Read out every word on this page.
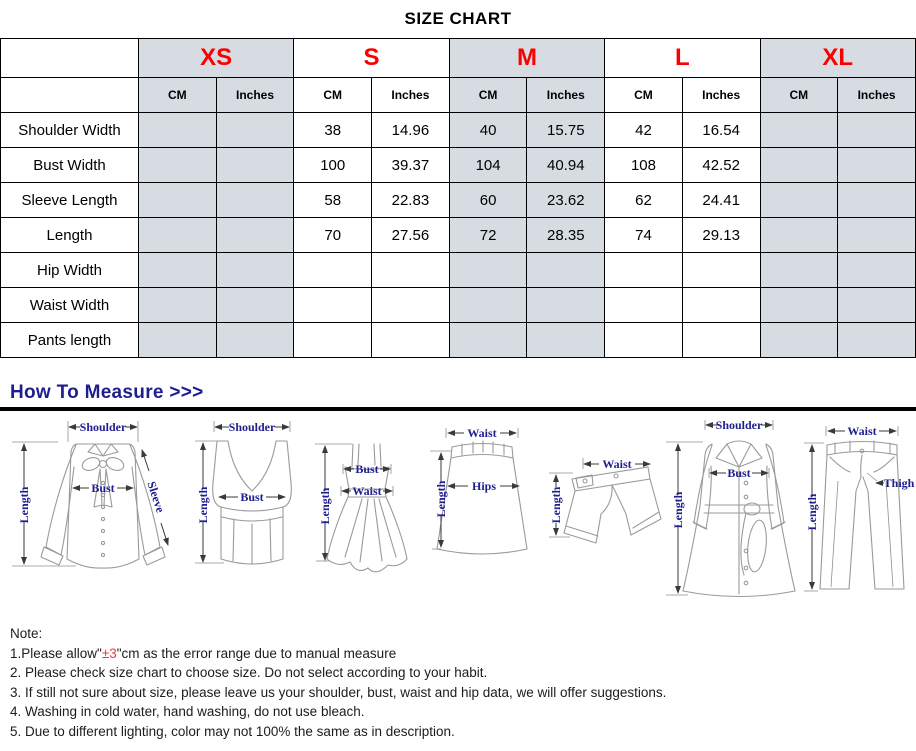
SIZE CHART
	XS		S		M		L		XL	
	CM	Inches	CM	Inches	CM	Inches	CM	Inches	CM	Inches
Shoulder Width			38	14.96	40	15.75	42	16.54		
Bust Width			100	39.37	104	40.94	108	42.52		
Sleeve Length			58	22.83	60	23.62	62	24.41		
Length			70	27.56	72	28.35	74	29.13		
Hip Width										
Waist Width										
Pants length										
How To Measure >>>
Shoulder
Length	Bust Sleeve
Shoulder
Length	Bust	Length
Bust
Waist
Waist
Length Hips
Waist
Length
Shoulder
Length
Bust
Waist
Length
Thigh
Note:
1.Please allow"±3"cm as the error range due to manual measure
2. Please check size chart to choose size. Do not select according to your habit.
3. If still not sure about size, please leave us your shoulder, bust, waist and hip data, we will offer suggestions.
4. Washing in cold water, hand washing, do not use bleach.
5. Due to different lighting, color may not 100% the same as in description.
